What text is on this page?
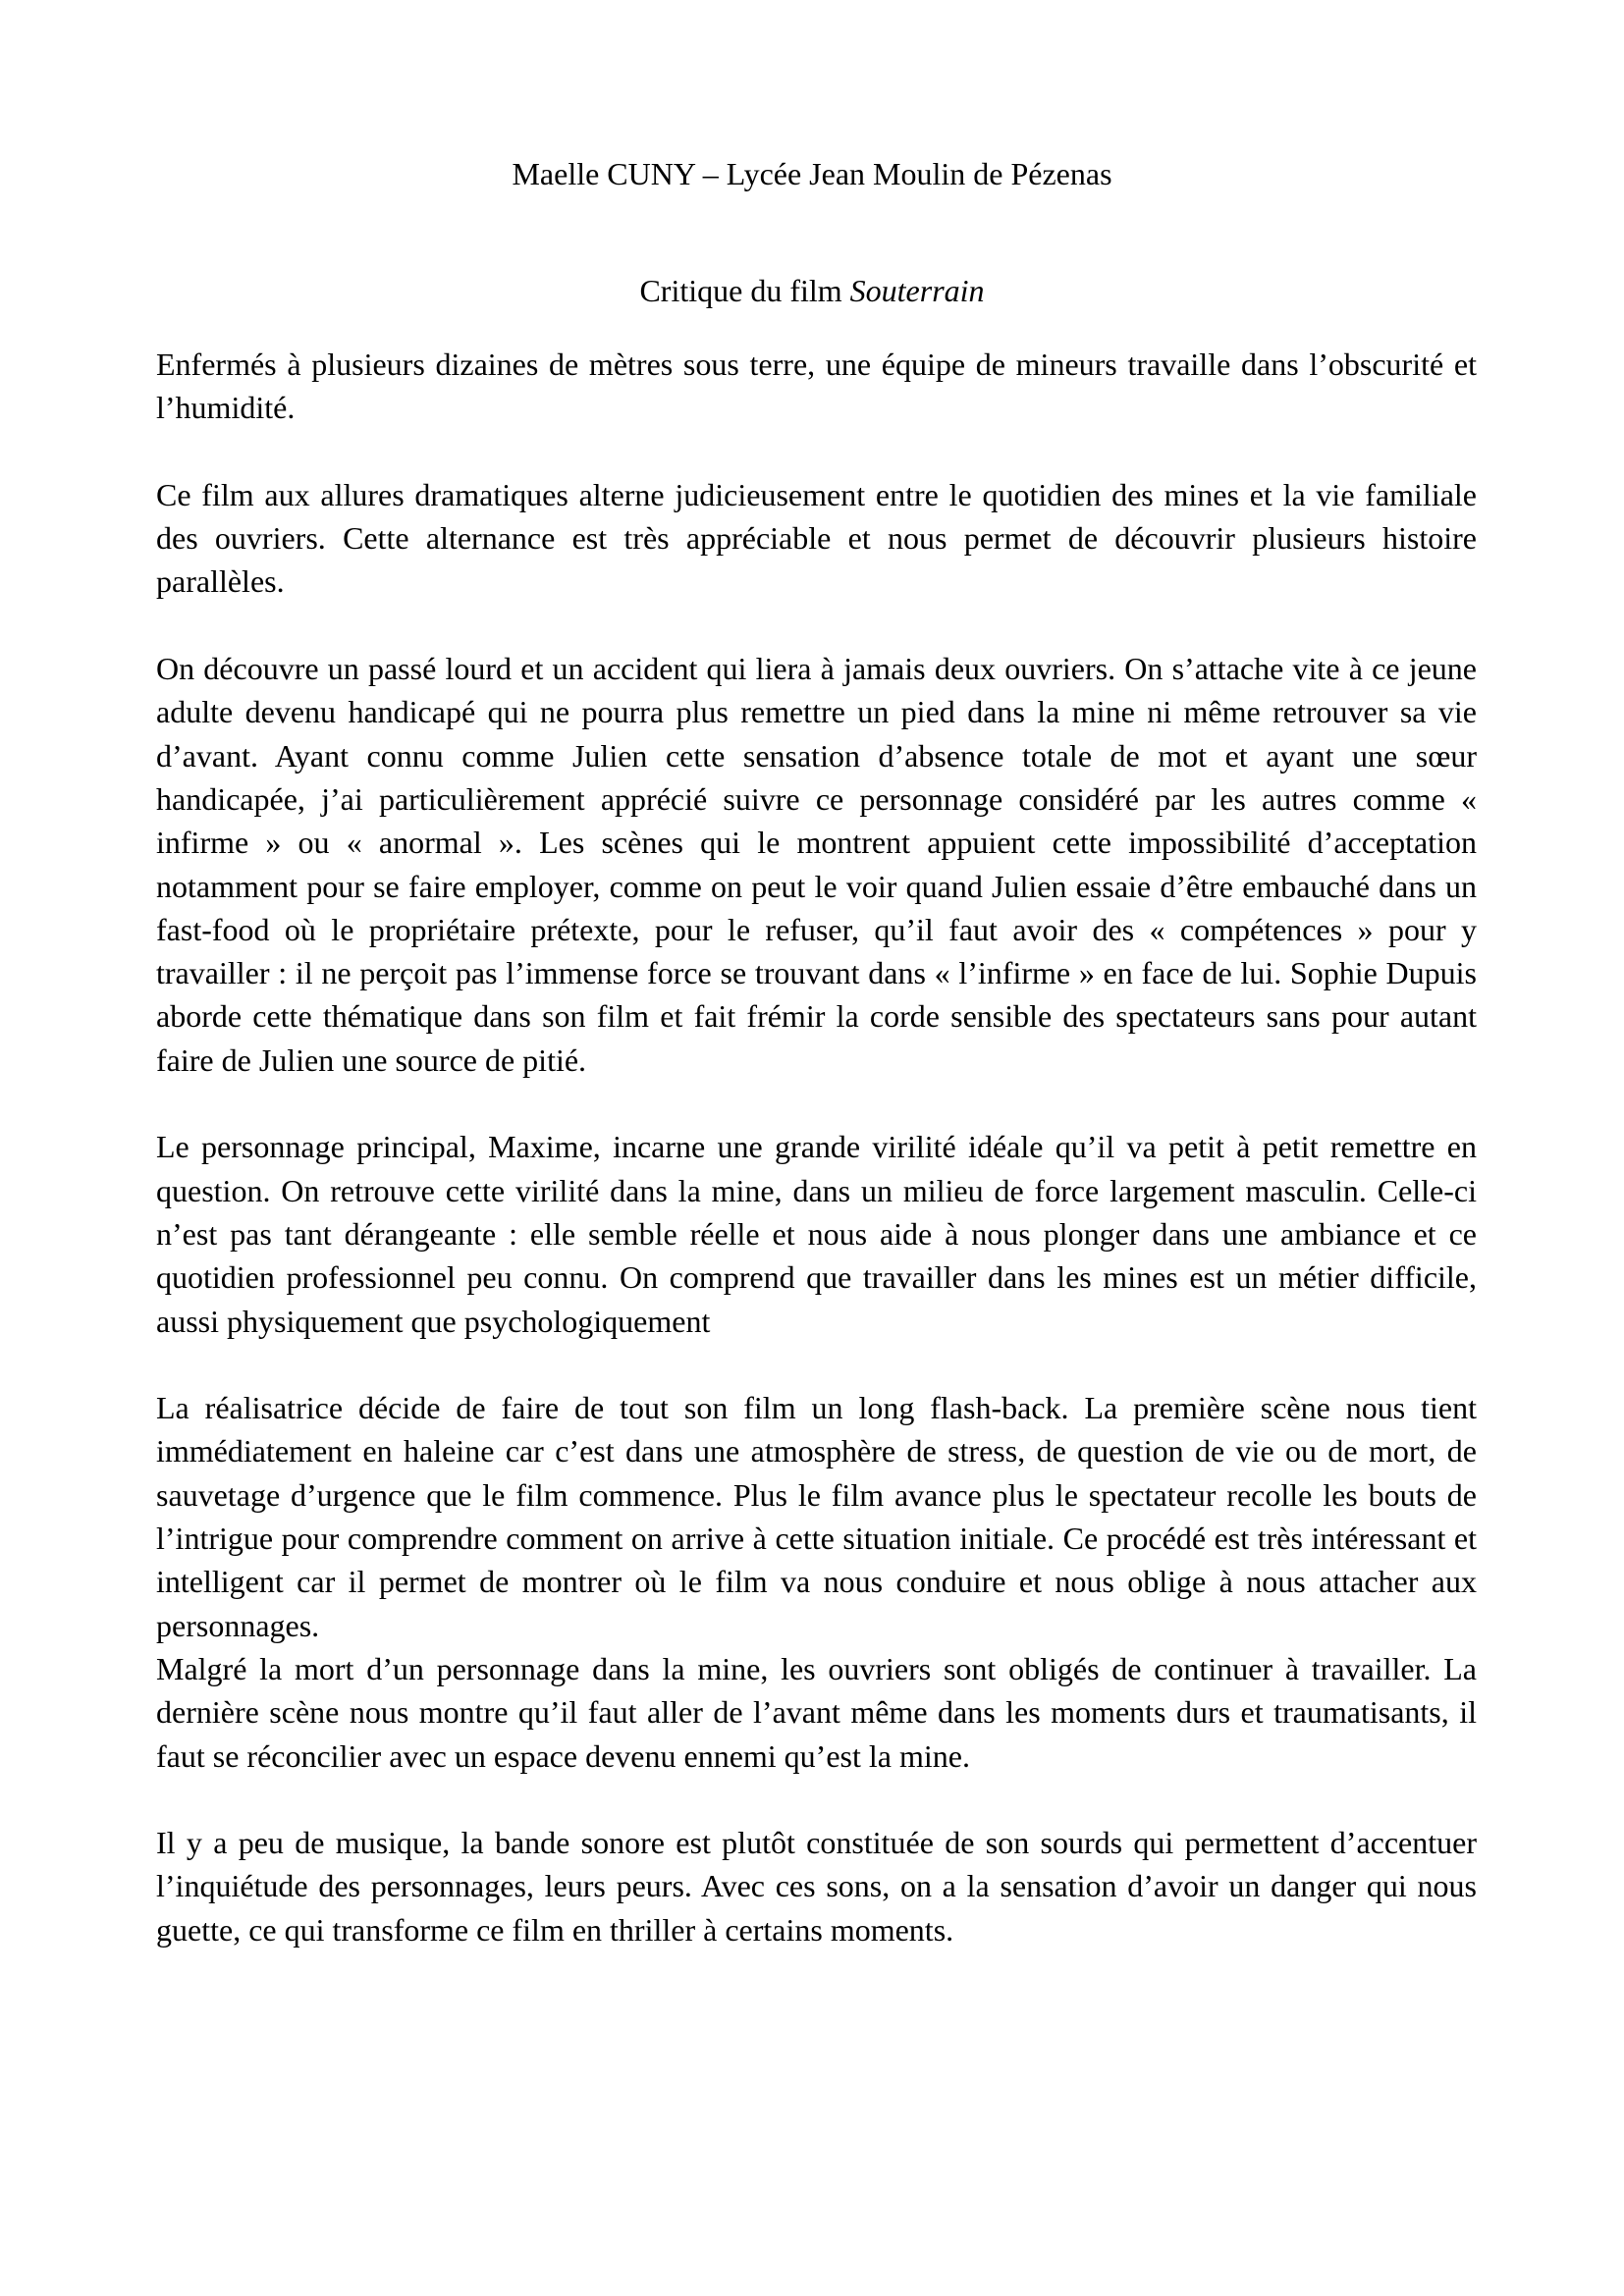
Maelle CUNY – Lycée Jean Moulin de Pézenas

Critique du film Souterrain

Enfermés à plusieurs dizaines de mètres sous terre, une équipe de mineurs travaille dans l’obscurité et l’humidité.

Ce film aux allures dramatiques alterne judicieusement entre le quotidien des mines et la vie familiale des ouvriers. Cette alternance est très appréciable et nous permet de découvrir plusieurs histoire parallèles.

On découvre un passé lourd et un accident qui liera à jamais deux ouvriers. On s’attache vite à ce jeune adulte devenu handicapé qui ne pourra plus remettre un pied dans la mine ni même retrouver sa vie d’avant. Ayant connu comme Julien cette sensation d’absence totale de mot et ayant une sœur handicapée, j’ai particulièrement apprécié suivre ce personnage considéré par les autres comme « infirme » ou « anormal ». Les scènes qui le montrent appuient cette impossibilité d’acceptation notamment pour se faire employer, comme on peut le voir quand Julien essaie d’être embauché dans un fast-food où le propriétaire prétexte, pour le refuser, qu’il faut avoir des « compétences » pour y travailler : il ne perçoit pas l’immense force se trouvant dans « l’infirme » en face de lui. Sophie Dupuis aborde cette thématique dans son film et fait frémir la corde sensible des spectateurs sans pour autant faire de Julien une source de pitié.

Le personnage principal, Maxime, incarne une grande virilité idéale qu’il va petit à petit remettre en question. On retrouve cette virilité dans la mine, dans un milieu de force largement masculin. Celle-ci n’est pas tant dérangeante : elle semble réelle et nous aide à nous plonger dans une ambiance et ce quotidien professionnel peu connu. On comprend que travailler dans les mines est un métier difficile, aussi physiquement que psychologiquement

La réalisatrice décide de faire de tout son film un long flash-back. La première scène nous tient immédiatement en haleine car c’est dans une atmosphère de stress, de question de vie ou de mort, de sauvetage d’urgence que le film commence. Plus le film avance plus le spectateur recolle les bouts de l’intrigue pour comprendre comment on arrive à cette situation initiale. Ce procédé est très intéressant et intelligent car il permet de montrer où le film va nous conduire et nous oblige à nous attacher aux personnages.

Malgré la mort d’un personnage dans la mine, les ouvriers sont obligés de continuer à travailler. La dernière scène nous montre qu’il faut aller de l’avant même dans les moments durs et traumatisants, il faut se réconcilier avec un espace devenu ennemi qu’est la mine.

Il y a peu de musique, la bande sonore est plutôt constituée de son sourds qui permettent d’accentuer l’inquiétude des personnages, leurs peurs. Avec ces sons, on a la sensation d’avoir un danger qui nous guette, ce qui transforme ce film en thriller à certains moments.
